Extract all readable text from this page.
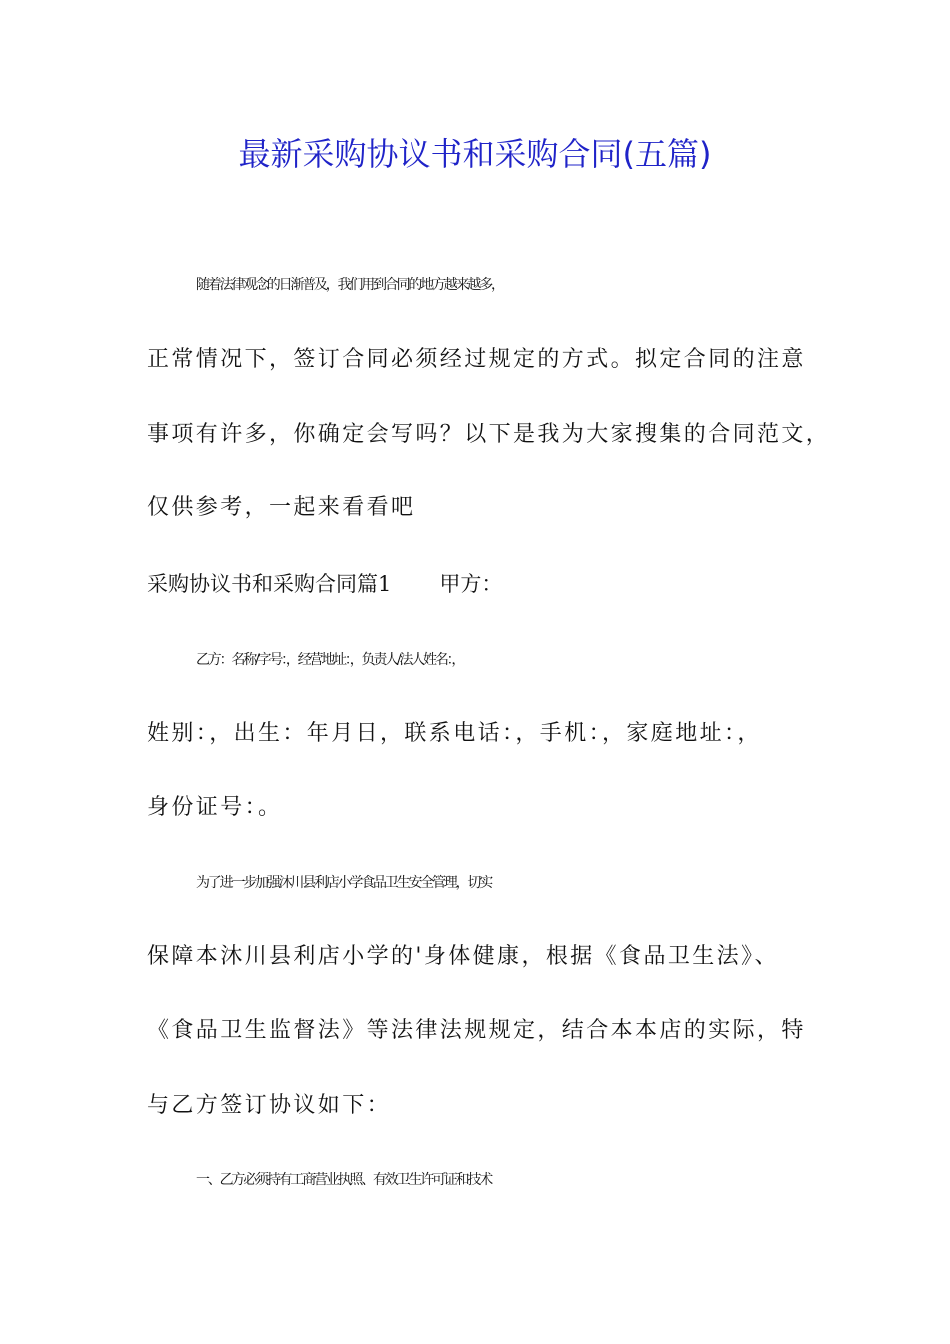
最新采购协议书和采购合同(五篇)
随着法律观念的日渐普及，我们用到合同的地方越来越多，
正常情况下，签订合同必须经过规定的方式。拟定合同的注意
事项有许多，你确定会写吗？以下是我为大家搜集的合同范文，
仅供参考，一起来看看吧
采购协议书和采购合同篇1 甲方：
乙方：名称/字号：，经营地址：，负责人/法人姓名：，
姓别：，出生：年月日，联系电话：，手机：，家庭地址：，
身份证号：。
为了进一步加强沐川县利店小学食品卫生安全管理，切实
保障本沐川县利店小学的'身体健康，根据《食品卫生法》、
《食品卫生监督法》等法律法规规定，结合本本店的实际，特
与乙方签订协议如下：
一、乙方必须持有工商营业执照、有效卫生许可证和技术
